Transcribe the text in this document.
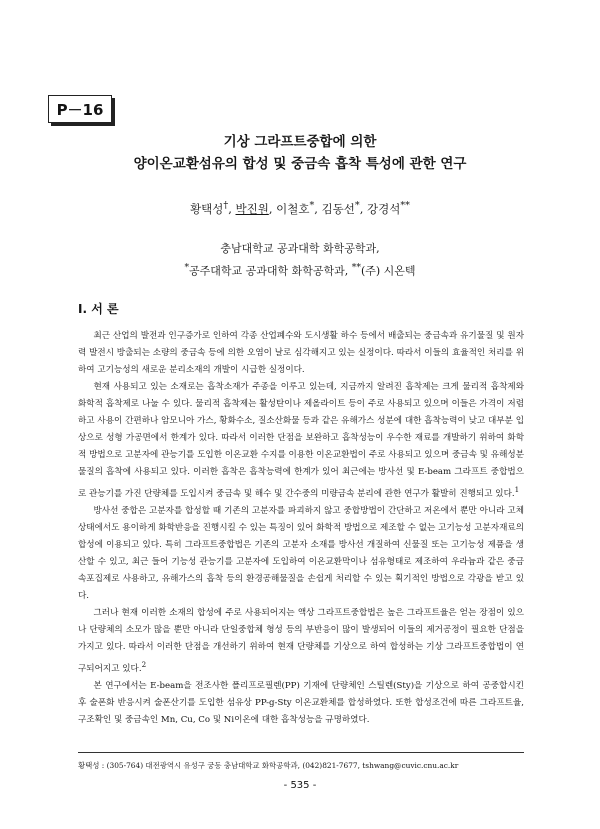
P－16
기상 그라프트중합에 의한
양이온교환섬유의 합성 및 중금속 흡착 특성에 관한 연구
황택성†, 박진원, 이철호*, 김동선*, 강경석**
충남대학교 공과대학 화학공학과,
*공주대학교 공과대학 화학공학과, **(주) 시온텍
I. 서 론

최근 산업의 발전과 인구증가로 인하여 각종 산업폐수와 도시생활 하수 등에서 배출되는 중금속과 유기물질 및 원자력 발전시 방출되는 소량의 중금속 등에 의한 오염이 날로 심각해지고 있는 실정이다. 따라서 이들의 효율적인 처리를 위하여 고기능성의 새로운 분리소재의 개발이 시급한 실정이다.

현재 사용되고 있는 소재로는 흡착소재가 주종을 이루고 있는데, 지금까지 알려진 흡착제는 크게 물리적 흡착제와 화학적 흡착제로 나눌 수 있다. 물리적 흡착제는 활성탄이나 제올라이트 등이 주로 사용되고 있으며 이들은 가격이 저렴하고 사용이 간편하나 암모니아 가스, 황화수소, 질소산화물 등과 같은 유해가스 성분에 대한 흡착능력이 낮고 대부분 입상으로 성형 가공면에서 한계가 있다. 따라서 이러한 단점을 보완하고 흡착성능이 우수한 재료를 개발하기 위하여 화학적 방법으로 고분자에 관능기를 도입한 이온교환 수지를 이용한 이온교환법이 주로 사용되고 있으며 중금속 및 유해성분 물질의 흡착에 사용되고 있다. 이러한 흡착은 흡착능력에 한계가 있어 최근에는 방사선 및 E-beam 그라프트 중합법으로 관능기를 가진 단량체를 도입시켜 중금속 및 해수 및 간수중의 미량금속 분리에 관한 연구가 활발히 진행되고 있다.$^1$

방사선 중합은 고분자를 합성할 때 기존의 고분자를 파괴하지 않고 중합방법이 간단하고 저온에서 뿐만 아니라 고체상태에서도 용이하게 화학반응을 진행시킬 수 있는 특징이 있어 화학적 방법으로 제조할 수 없는 고기능성 고분자재료의 합성에 이용되고 있다. 특히 그라프트중합법은 기존의 고분자 소재를 방사선 개질하여 신물질 또는 고기능성 제품을 생산할 수 있고, 최근 들어 기능성 관능기를 고분자에 도입하여 이온교환막이나 섬유형태로 제조하여 우라늄과 같은 중금속포집제로 사용하고, 유해가스의 흡착 등의 환경공해물질을 손쉽게 처리할 수 있는 획기적인 방법으로 각광을 받고 있다.

그러나 현재 이러한 소재의 합성에 주로 사용되어지는 액상 그라프트중합법은 높은 그라프트율은 얻는 장점이 있으나 단량체의 소모가 많을 뿐만 아니라 단일중합체 형성 등의 부반응이 많이 발생되어 이들의 제거공정이 필요한 단점을 가지고 있다. 따라서 이러한 단점을 개선하기 위하여 현재 단량체를 기상으로 하여 합성하는 기상 그라프트중합법이 연구되어지고 있다.$^2$

본 연구에서는 E-beam을 전조사한 폴리프로필렌(PP) 기재에 단량체인 스틸렌(Sty)을 기상으로 하여 공중합시킨 후 술폰화 반응시켜 술폰산기를 도입한 섬유상 PP-g-Sty 이온교환체를 합성하였다. 또한 합성조건에 따른 그라프트율, 구조확인 및 중금속인 Mn, Cu, Co 및 Ni이온에 대한 흡착성능을 규명하였다.

황택성 : (305-764) 대전광역시 유성구 궁동 충남대학교 화학공학과, (042)821-7677, tshwang@cuvic.cnu.ac.kr
- 535 -
